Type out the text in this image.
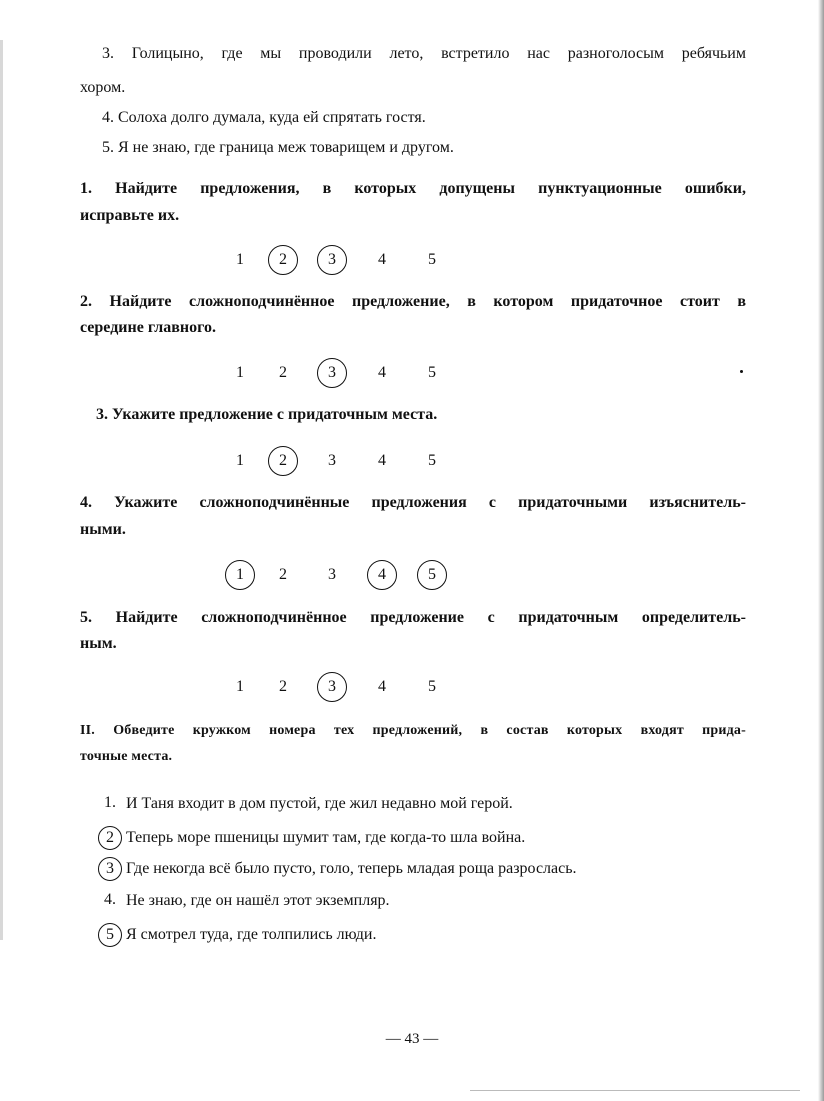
3. Голицыно, где мы проводили лето, встретило нас разноголосым ребячьим
хором.
4. Солоха долго думала, куда ей спрятать гостя.
5. Я не знаю, где граница меж товарищем и другом.
1. Найдите предложения, в которых допущены пунктуационные ошибки,
исправьте их.
2. Найдите сложноподчинённое предложение, в котором придаточное стоит в
середине главного.
3. Укажите предложение с придаточным места.
4. Укажите сложноподчинённые предложения с придаточными изъяснитель-
ными.
5. Найдите сложноподчинённое предложение с придаточным определитель-
ным.
II. Обведите кружком номера тех предложений, в состав которых входят прида-
точные места.
1. И Таня входит в дом пустой, где жил недавно мой герой.
2 Теперь море пшеницы шумит там, где когда-то шла война.
3 Где некогда всё было пусто, голо, теперь младая роща разрослась.
4. Не знаю, где он нашёл этот экземпляр.
5 Я смотрел туда, где толпились люди.
— 43 —
1	2	3	4	5
1	2	3	4	5
1	2	3	4	5
1	2	3	4	5
1	2	3	4	5
